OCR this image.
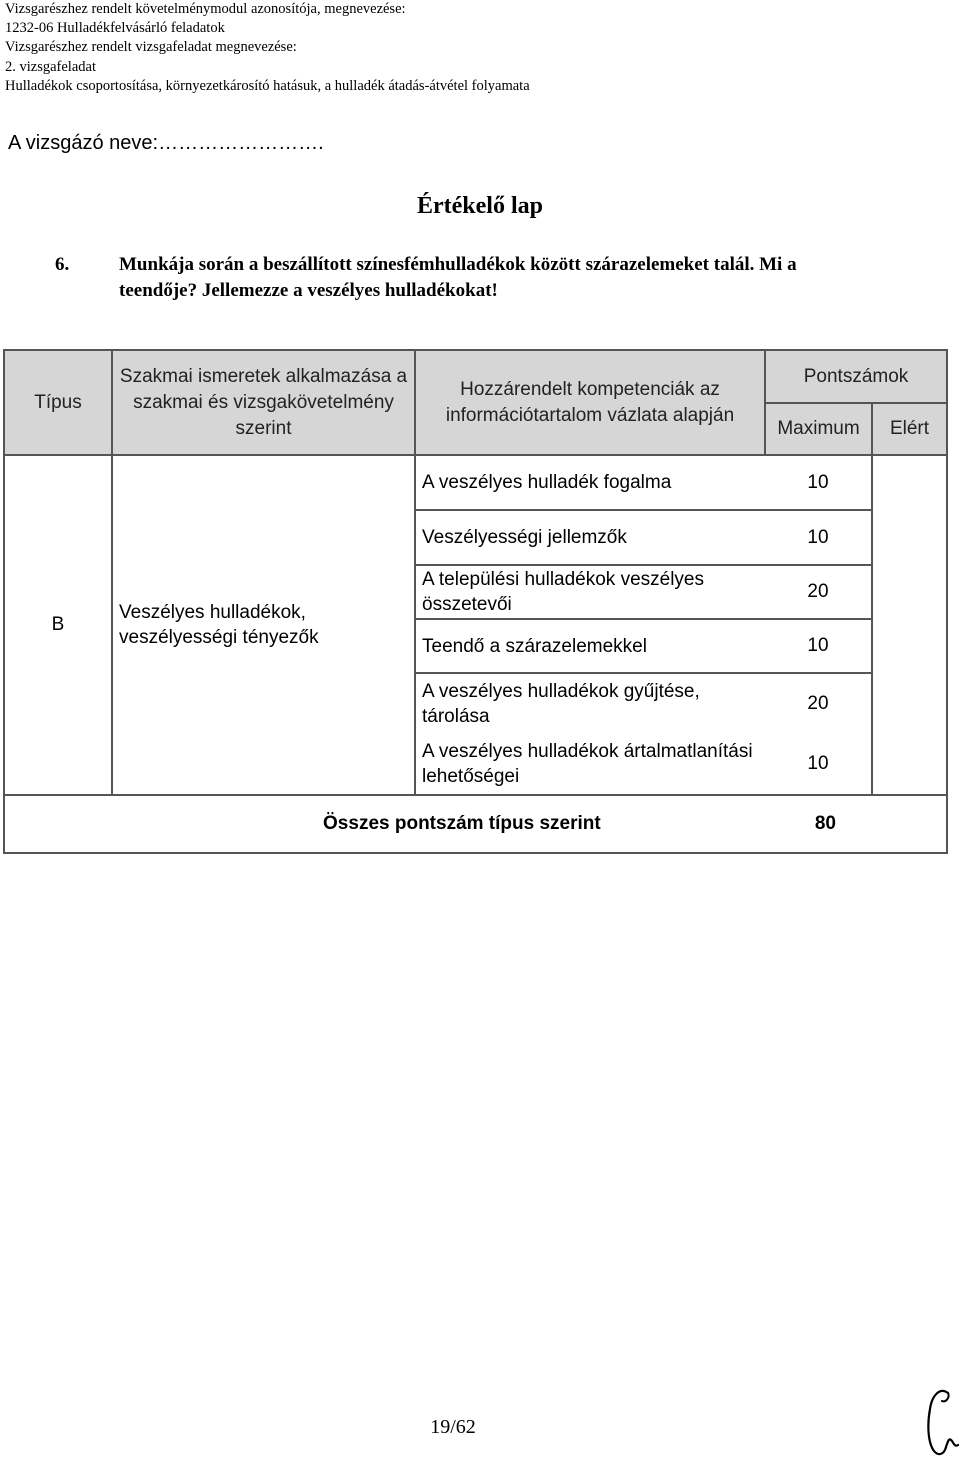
Vizsgarészhez rendelt követelménymodul azonosítója, megnevezése:
1232-06 Hulladékfelvásárló feladatok
Vizsgarészhez rendelt vizsgafeladat megnevezése:
2. vizsgafeladat
Hulladékok csoportosítása, környezetkárosító hatásuk, a hulladék átadás-átvétel folyamata
A vizsgázó neve:…………………….
Értékelő lap
6.	Munkája során a beszállított színesfémhulladékok között szárazelemeket talál. Mi a
teendője? Jellemezze a veszélyes hulladékokat!
Típus	Szakmai ismeretek alkalmazása a szakmai és vizsgakövetelmény szerint	Hozzárendelt kompetenciák az információtartalom vázlata alapján	Pontszámok	
			Maximum	Elért
B	Veszélyes hulladékok, veszélyességi tényezők	A veszélyes hulladék fogalma	10	
		Veszélyességi jellemzők	10	
		A települési hulladékok veszélyes összetevői	20	
		Teendő a szárazelemekkel	10	
		A veszélyes hulladékok gyűjtése, tárolása	20	
		A veszélyes hulladékok ártalmatlanítási lehetőségei	10	
Összes pontszám típus szerint 80				
19/62
